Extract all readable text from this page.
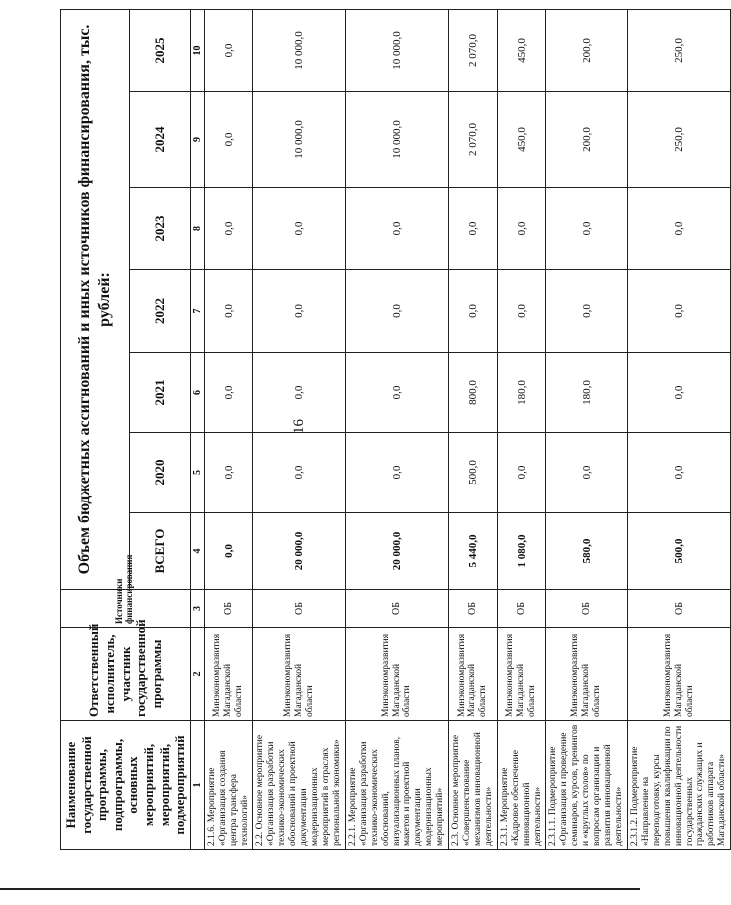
16
Наименование государственной программы, подпрограммы, основных мероприятий, мероприятий, подмероприятий	Ответственный исполнитель, участник государственной программы	Источники финансирования	Объем бюджетных ассигнований и иных источников финансирования, тыс. рублей:						
			ВСЕГО	2020	2021	2022	2023	2024	2025
1	2	3	4	5	6	7	8	9	10
2.1.6. Мероприятие «Организация создания центра трансфера технологий»	Минэкономразвития Магаданской области	ОБ	0,0	0,0	0,0	0,0	0,0	0,0	0,0
2.2. Основное мероприятие «Организация разработки технико-экономических обоснований и проектной документации модернизационных мероприятий в отраслях региональной экономики»	Минэкономразвития Магаданской области	ОБ	20 000,0	0,0	0,0	0,0	0,0	10 000,0	10 000,0
2.2.1. Мероприятие «Организация разработки технико-экономических обоснований, визуализационных планов, макетов и проектной документации модернизационных мероприятий»	Минэкономразвития Магаданской области	ОБ	20 000,0	0,0	0,0	0,0	0,0	10 000,0	10 000,0
2.3. Основное мероприятие «Совершенствование механизмов инновационной деятельности»	Минэкономразвития Магаданской области	ОБ	5 440,0	500,0	800,0	0,0	0,0	2 070,0	2 070,0
2.3.1. Мероприятие «Кадровое обеспечение инновационной деятельности»	Минэкономразвития Магаданской области	ОБ	1 080,0	0,0	180,0	0,0	0,0	450,0	450,0
2.3.1.1. Подмероприятие «Организация и проведение семинаров, курсов, тренингов и «круглых столов» по вопросам организации и развития инновационной деятельности»	Минэкономразвития Магаданской области	ОБ	580,0	0,0	180,0	0,0	0,0	200,0	200,0
2.3.1.2. Подмероприятие «Направление на переподготовку, курсы повышения квалификации по инновационной деятельности государственных гражданских служащих и работников аппарата Магаданской области»	Минэкономразвития Магаданской области	ОБ	500,0	0,0	0,0	0,0	0,0	250,0	250,0
